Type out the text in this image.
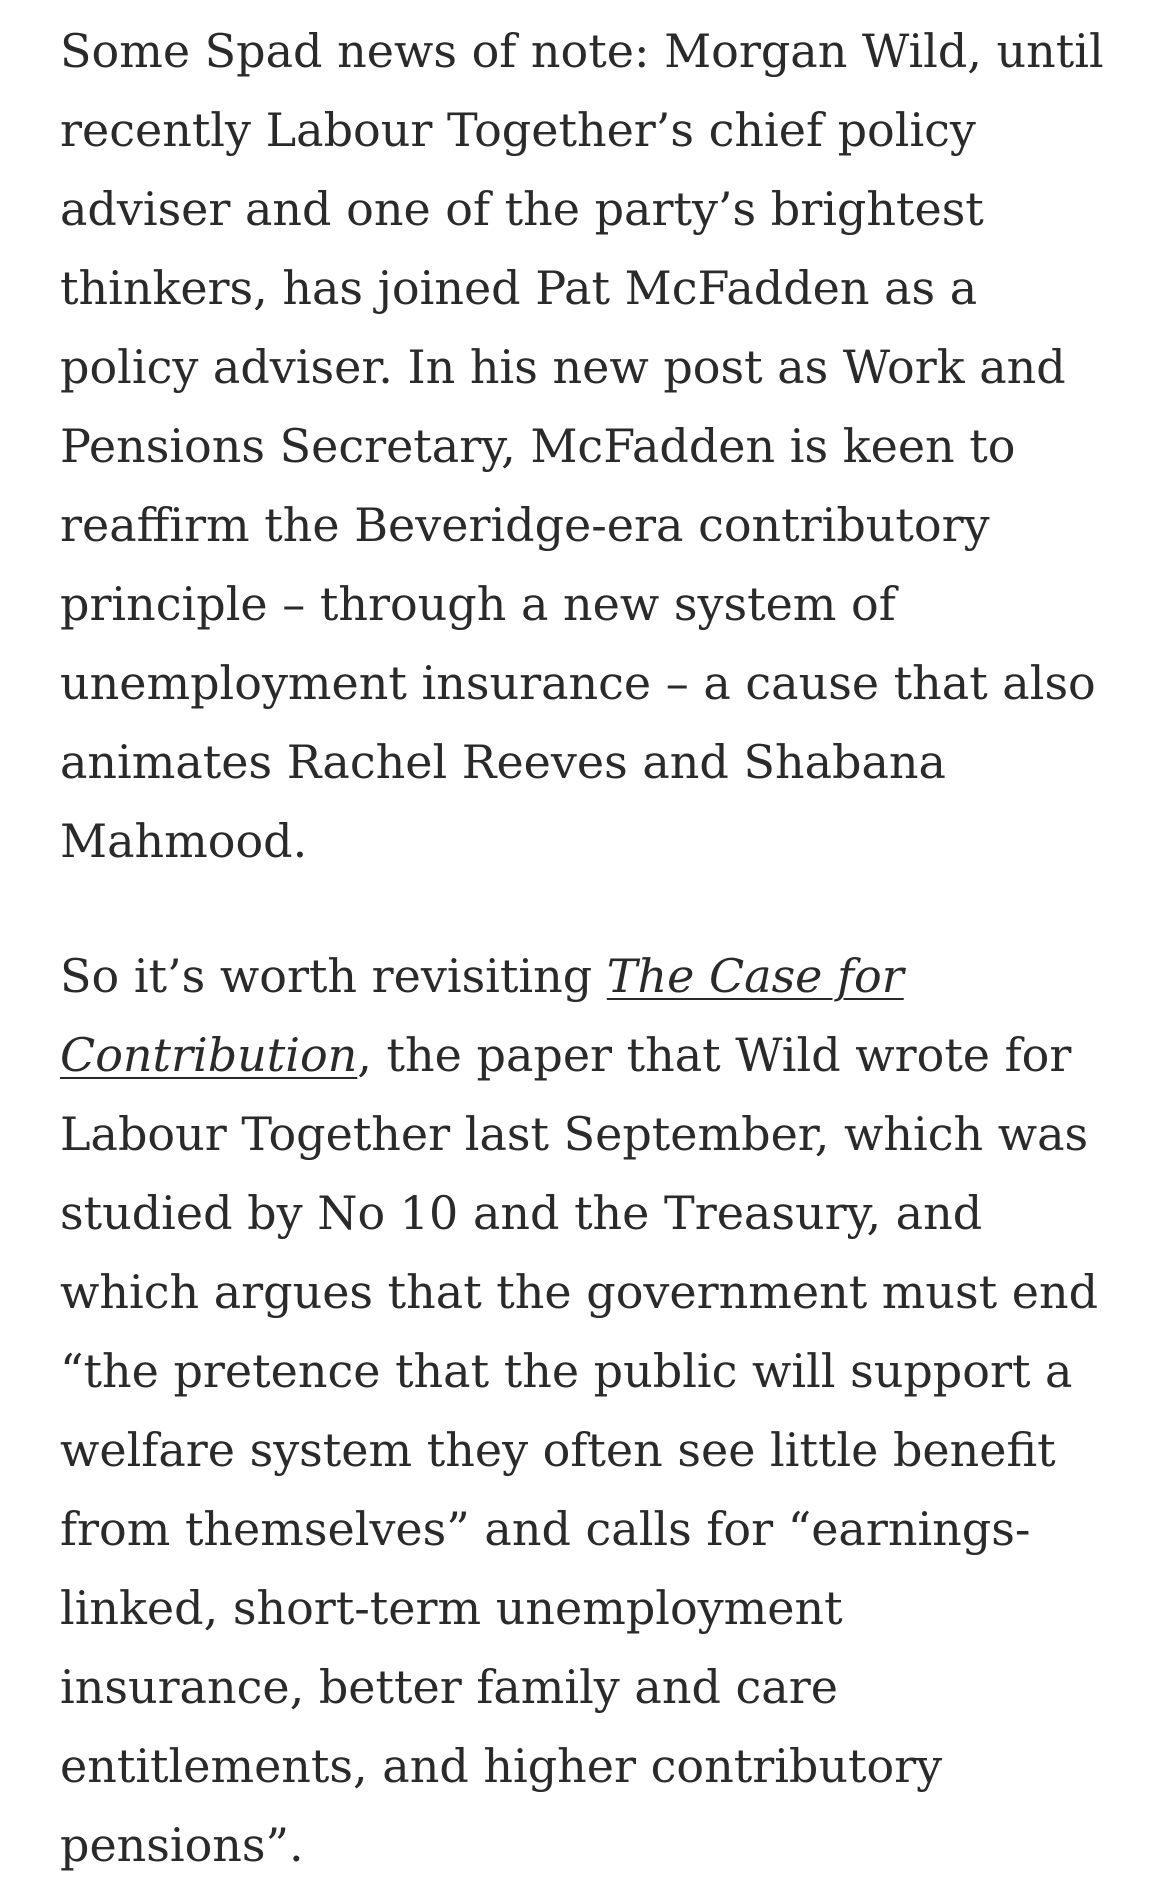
Some Spad news of note: Morgan Wild, until
recently Labour Together’s chief policy
adviser and one of the party’s brightest
thinkers, has joined Pat McFadden as a
policy adviser. In his new post as Work and
Pensions Secretary, McFadden is keen to
reaffirm the Beveridge-era contributory
principle – through a new system of
unemployment insurance – a cause that also
animates Rachel Reeves and Shabana
Mahmood.

So it’s worth revisiting The Case for
Contribution, the paper that Wild wrote for
Labour Together last September, which was
studied by No 10 and the Treasury, and
which argues that the government must end
“the pretence that the public will support a
welfare system they often see little benefit
from themselves” and calls for “earnings-
linked, short-term unemployment
insurance, better family and care
entitlements, and higher contributory
pensions”.
